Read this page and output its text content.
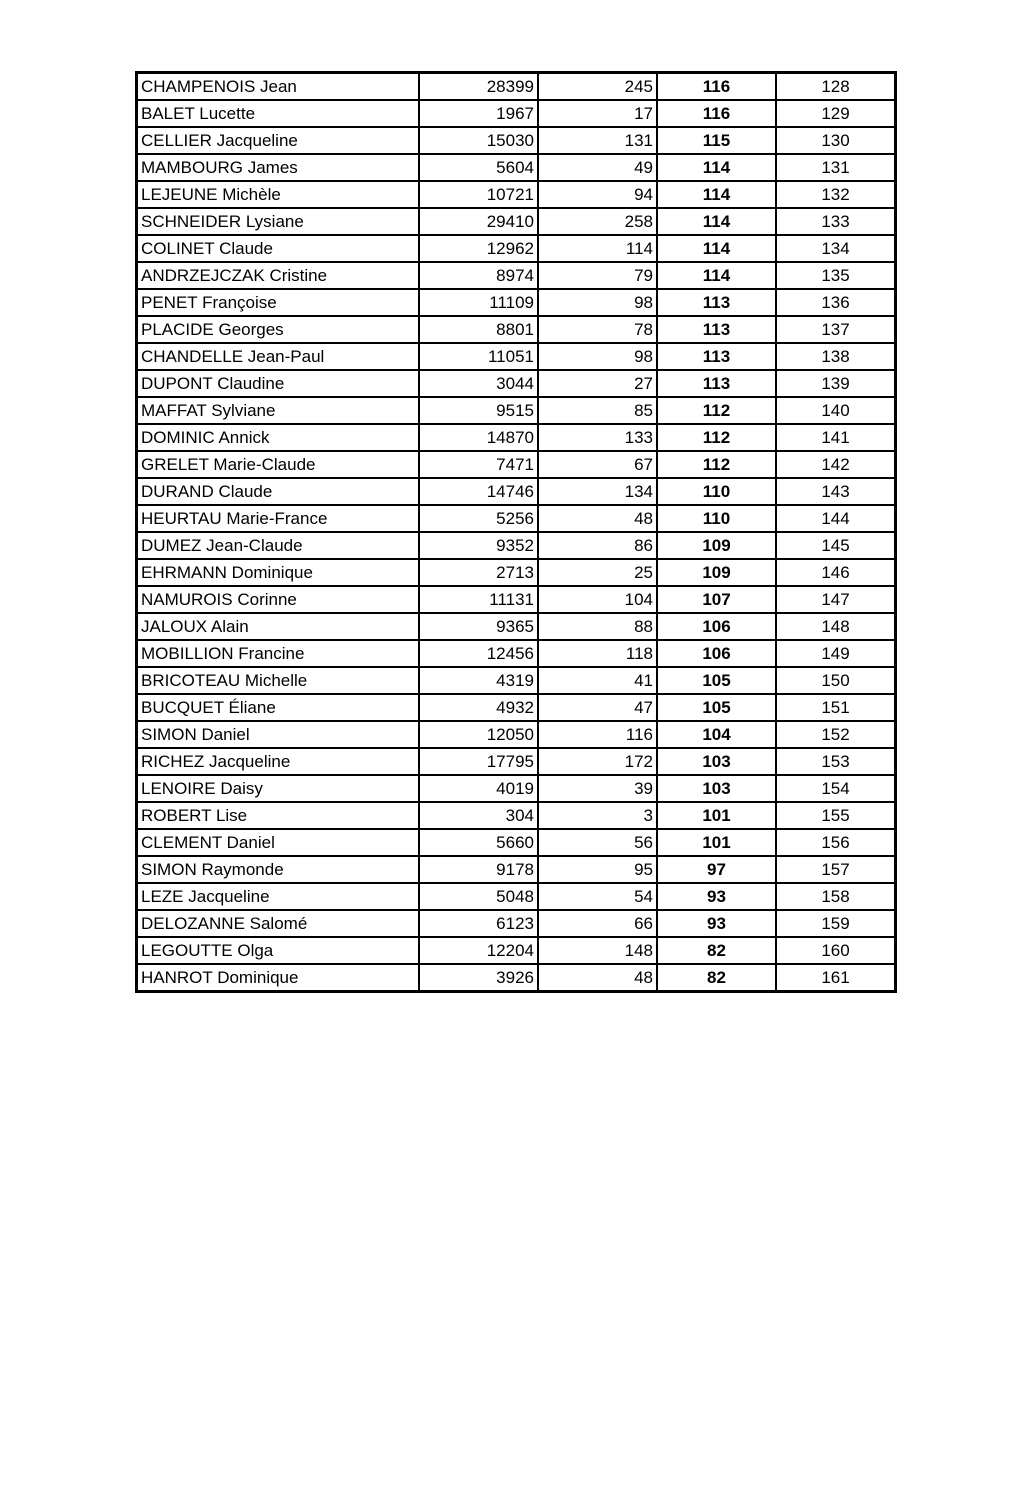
CHAMPENOIS Jean	28399	245	116	128
BALET Lucette	1967	17	116	129
CELLIER Jacqueline	15030	131	115	130
MAMBOURG James	5604	49	114	131
LEJEUNE Michèle	10721	94	114	132
SCHNEIDER Lysiane	29410	258	114	133
COLINET Claude	12962	114	114	134
ANDRZEJCZAK Cristine	8974	79	114	135
PENET Françoise	11109	98	113	136
PLACIDE Georges	8801	78	113	137
CHANDELLE Jean-Paul	11051	98	113	138
DUPONT Claudine	3044	27	113	139
MAFFAT Sylviane	9515	85	112	140
DOMINIC Annick	14870	133	112	141
GRELET Marie-Claude	7471	67	112	142
DURAND Claude	14746	134	110	143
HEURTAU Marie-France	5256	48	110	144
DUMEZ Jean-Claude	9352	86	109	145
EHRMANN Dominique	2713	25	109	146
NAMUROIS Corinne	11131	104	107	147
JALOUX Alain	9365	88	106	148
MOBILLION Francine	12456	118	106	149
BRICOTEAU Michelle	4319	41	105	150
BUCQUET Éliane	4932	47	105	151
SIMON Daniel	12050	116	104	152
RICHEZ Jacqueline	17795	172	103	153
LENOIRE Daisy	4019	39	103	154
ROBERT Lise	304	3	101	155
CLEMENT Daniel	5660	56	101	156
SIMON Raymonde	9178	95	97	157
LEZE Jacqueline	5048	54	93	158
DELOZANNE Salomé	6123	66	93	159
LEGOUTTE Olga	12204	148	82	160
HANROT Dominique	3926	48	82	161
